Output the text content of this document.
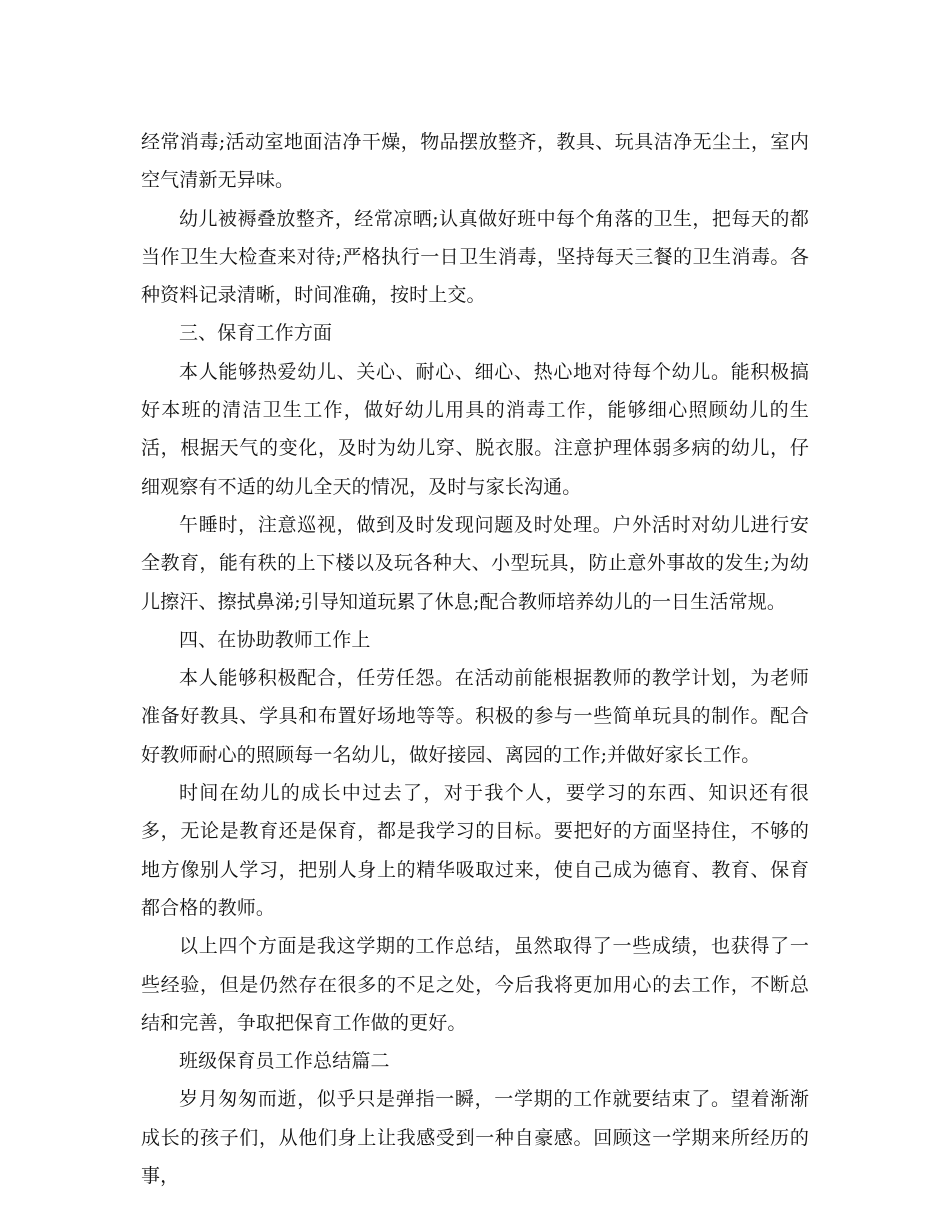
经常消毒;活动室地面洁净干燥，物品摆放整齐，教具、玩具洁净无尘土，室内空气清新无异味。

幼儿被褥叠放整齐，经常凉晒;认真做好班中每个角落的卫生，把每天的都当作卫生大检查来对待;严格执行一日卫生消毒，坚持每天三餐的卫生消毒。各种资料记录清晰，时间准确，按时上交。

三、保育工作方面

本人能够热爱幼儿、关心、耐心、细心、热心地对待每个幼儿。能积极搞好本班的清洁卫生工作，做好幼儿用具的消毒工作，能够细心照顾幼儿的生活，根据天气的变化，及时为幼儿穿、脱衣服。注意护理体弱多病的幼儿，仔细观察有不适的幼儿全天的情况，及时与家长沟通。

午睡时，注意巡视，做到及时发现问题及时处理。户外活时对幼儿进行安全教育，能有秩的上下楼以及玩各种大、小型玩具，防止意外事故的发生;为幼儿擦汗、擦拭鼻涕;引导知道玩累了休息;配合教师培养幼儿的一日生活常规。

四、在协助教师工作上

本人能够积极配合，任劳任怨。在活动前能根据教师的教学计划，为老师准备好教具、学具和布置好场地等等。积极的参与一些简单玩具的制作。配合好教师耐心的照顾每一名幼儿，做好接园、离园的工作;并做好家长工作。

时间在幼儿的成长中过去了，对于我个人，要学习的东西、知识还有很多，无论是教育还是保育，都是我学习的目标。要把好的方面坚持住，不够的地方像别人学习，把别人身上的精华吸取过来，使自己成为德育、教育、保育都合格的教师。

以上四个方面是我这学期的工作总结，虽然取得了一些成绩，也获得了一些经验，但是仍然存在很多的不足之处，今后我将更加用心的去工作，不断总结和完善，争取把保育工作做的更好。

班级保育员工作总结篇二

岁月匆匆而逝，似乎只是弹指一瞬，一学期的工作就要结束了。望着渐渐成长的孩子们，从他们身上让我感受到一种自豪感。回顾这一学期来所经历的事，
